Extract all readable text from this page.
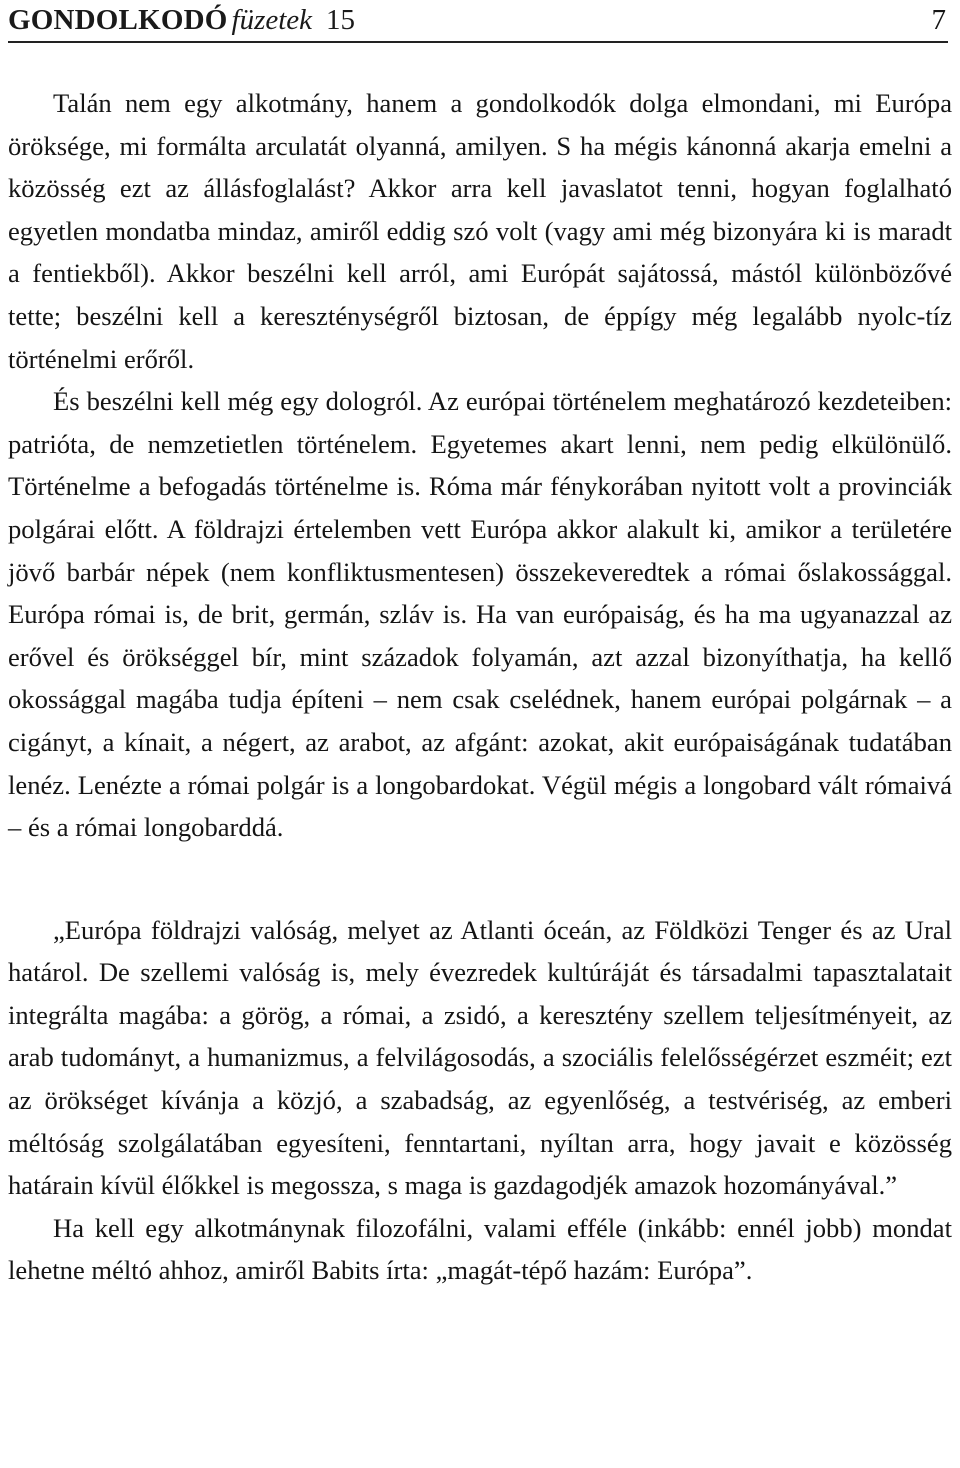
GONDOLKODÓ füzetek 15	7

Talán nem egy alkotmány, hanem a gondolkodók dolga elmondani, mi Európa öröksége, mi formálta arculatát olyanná, amilyen. S ha mégis kánonná akarja emelni a közösség ezt az állásfoglalást? Akkor arra kell javaslatot tenni, hogyan foglalható egyetlen mondatba mindaz, amiről eddig szó volt (vagy ami még bizonyára ki is maradt a fentiekből). Akkor beszélni kell arról, ami Európát sajátossá, mástól különbözővé tette; beszélni kell a kereszténységről biztosan, de éppígy még legalább nyolc-tíz történelmi erőről.

És beszélni kell még egy dologról. Az európai történelem meghatározó kezdeteiben: patrióta, de nemzetietlen történelem. Egyetemes akart lenni, nem pedig elkülönülő. Történelme a befogadás történelme is. Róma már fénykorában nyitott volt a provinciák polgárai előtt. A földrajzi értelemben vett Európa akkor alakult ki, amikor a területére jövő barbár népek (nem konfliktusmentesen) összekeveredtek a római őslakossággal. Európa római is, de brit, germán, szláv is. Ha van európaiság, és ha ma ugyanazzal az erővel és örökséggel bír, mint századok folyamán, azt azzal bizonyíthatja, ha kellő okossággal magába tudja építeni – nem csak cselédnek, hanem európai polgárnak – a cigányt, a kínait, a négert, az arabot, az afgánt: azokat, akit európaiságának tudatában lenéz. Lenézte a római polgár is a longobardokat. Végül mégis a longobard vált rómaivá – és a római longobarddá.

„Európa földrajzi valóság, melyet az Atlanti óceán, az Földközi Tenger és az Ural határol. De szellemi valóság is, mely évezredek kultúráját és társadalmi tapasztalatait integrálta magába: a görög, a római, a zsidó, a keresztény szellem teljesítményeit, az arab tudományt, a humanizmus, a felvilágosodás, a szociális felelősségérzet eszméit; ezt az örökséget kívánja a közjó, a szabadság, az egyenlőség, a testvériség, az emberi méltóság szolgálatában egyesíteni, fenntartani, nyíltan arra, hogy javait e közösség határain kívül élőkkel is megossza, s maga is gazdagodjék amazok hozományával.”

Ha kell egy alkotmánynak filozofálni, valami efféle (inkább: ennél jobb) mondat lehetne méltó ahhoz, amiről Babits írta: „magát-tépő hazám: Európa”.
